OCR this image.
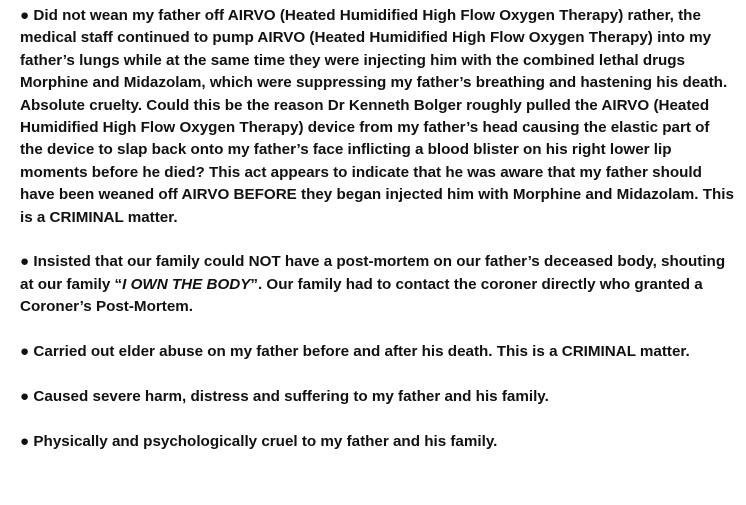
● Did not wean my father off AIRVO (Heated Humidified High Flow Oxygen Therapy) rather, the medical staff continued to pump AIRVO (Heated Humidified High Flow Oxygen Therapy) into my father’s lungs while at the same time they were injecting him with the combined lethal drugs Morphine and Midazolam, which were suppressing my father’s breathing and hastening his death. Absolute cruelty. Could this be the reason Dr Kenneth Bolger roughly pulled the AIRVO (Heated Humidified High Flow Oxygen Therapy) device from my father’s head causing the elastic part of the device to slap back onto my father’s face inflicting a blood blister on his right lower lip moments before he died? This act appears to indicate that he was aware that my father should have been weaned off AIRVO BEFORE they began injected him with Morphine and Midazolam. This is a CRIMINAL matter.

● Insisted that our family could NOT have a post-mortem on our father’s deceased body, shouting at our family “I OWN THE BODY”. Our family had to contact the coroner directly who granted a Coroner’s Post-Mortem.

● Carried out elder abuse on my father before and after his death. This is a CRIMINAL matter.

● Caused severe harm, distress and suffering to my father and his family.

● Physically and psychologically cruel to my father and his family.
